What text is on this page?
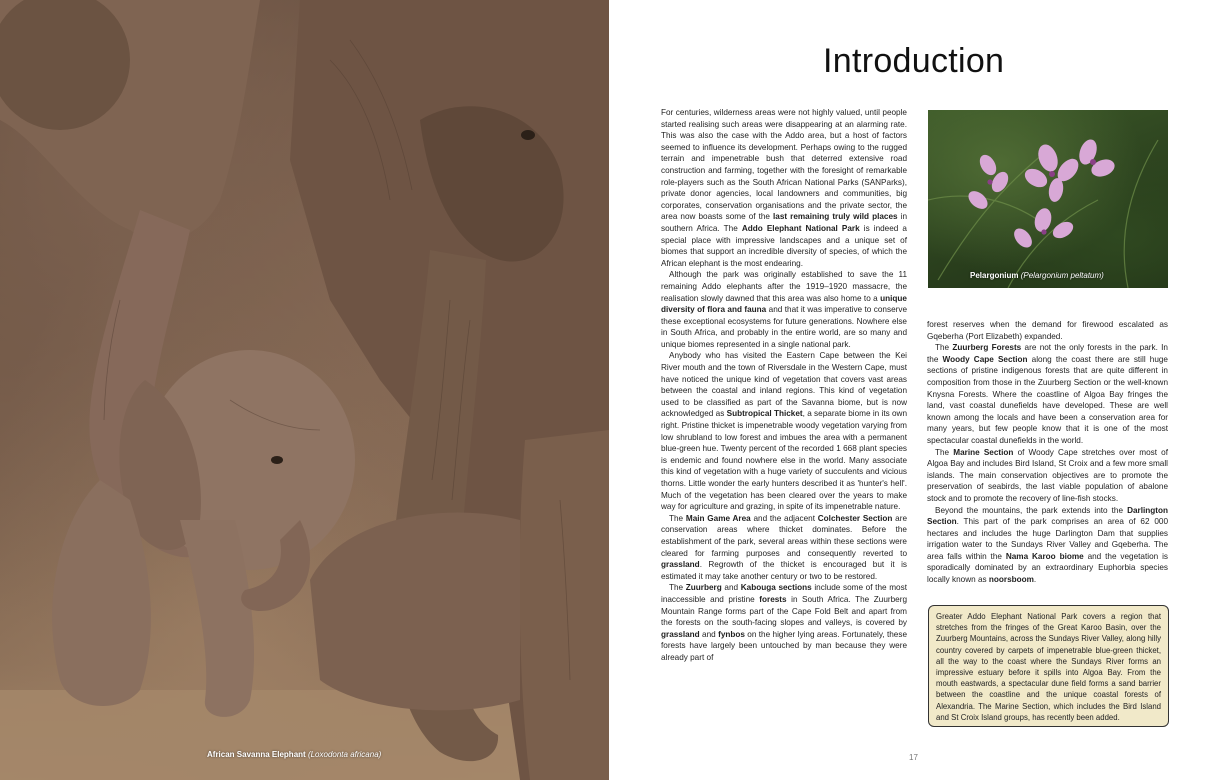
African Savanna Elephant (Loxodonta africana)
Introduction

For centuries, wilderness areas were not highly valued, until people started realising such areas were disappearing at an alarming rate. This was also the case with the Addo area, but a host of factors seemed to influence its development. Perhaps owing to the rugged terrain and impenetrable bush that deterred extensive road construction and farming, together with the foresight of remarkable role-players such as the South African National Parks (SANParks), private donor agencies, local landowners and communities, big corporates, conservation organisations and the private sector, the area now boasts some of the last remaining truly wild places in southern Africa. The Addo Elephant National Park is indeed a special place with impressive landscapes and a unique set of biomes that support an incredible diversity of species, of which the African elephant is the most endearing.

Although the park was originally established to save the 11 remaining Addo elephants after the 1919–1920 massacre, the realisation slowly dawned that this area was also home to a unique diversity of flora and fauna and that it was imperative to conserve these exceptional ecosystems for future generations. Nowhere else in South Africa, and probably in the entire world, are so many and unique biomes represented in a single national park.

Anybody who has visited the Eastern Cape between the Kei River mouth and the town of Riversdale in the Western Cape, must have noticed the unique kind of vegetation that covers vast areas between the coastal and inland regions. This kind of vegetation used to be classified as part of the Savanna biome, but is now acknowledged as Subtropical Thicket, a separate biome in its own right. Pristine thicket is impenetrable woody vegetation varying from low shrubland to low forest and imbues the area with a permanent blue-green hue. Twenty percent of the recorded 1 668 plant species is endemic and found nowhere else in the world. Many associate this kind of vegetation with a huge variety of succulents and vicious thorns. Little wonder the early hunters described it as 'hunter's hell'. Much of the vegetation has been cleared over the years to make way for agriculture and grazing, in spite of its impenetrable nature.

The Main Game Area and the adjacent Colchester Section are conservation areas where thicket dominates. Before the establishment of the park, several areas within these sections were cleared for farming purposes and consequently reverted to grassland. Regrowth of the thicket is encouraged but it is estimated it may take another century or two to be restored.

The Zuurberg and Kabouga sections include some of the most inaccessible and pristine forests in South Africa. The Zuurberg Mountain Range forms part of the Cape Fold Belt and apart from the forests on the south-facing slopes and valleys, is covered by grassland and fynbos on the higher lying areas. Fortunately, these forests have largely been untouched by man because they were already part of

Pelargonium (Pelargonium peltatum)

forest reserves when the demand for firewood escalated as Gqeberha (Port Elizabeth) expanded.

The Zuurberg Forests are not the only forests in the park. In the Woody Cape Section along the coast there are still huge sections of pristine indigenous forests that are quite different in composition from those in the Zuurberg Section or the well-known Knysna Forests. Where the coastline of Algoa Bay fringes the land, vast coastal dunefields have developed. These are well known among the locals and have been a conservation area for many years, but few people know that it is one of the most spectacular coastal dunefields in the world.

The Marine Section of Woody Cape stretches over most of Algoa Bay and includes Bird Island, St Croix and a few more small islands. The main conservation objectives are to promote the preservation of seabirds, the last viable population of abalone stock and to promote the recovery of line-fish stocks.

Beyond the mountains, the park extends into the Darlington Section. This part of the park comprises an area of 62 000 hectares and includes the huge Darlington Dam that supplies irrigation water to the Sundays River Valley and Gqeberha. The area falls within the Nama Karoo biome and the vegetation is sporadically dominated by an extraordinary Euphorbia species locally known as noorsboom.

Greater Addo Elephant National Park covers a region that stretches from the fringes of the Great Karoo Basin, over the Zuurberg Mountains, across the Sundays River Valley, along hilly country covered by carpets of impenetrable blue-green thicket, all the way to the coast where the Sundays River forms an impressive estuary before it spills into Algoa Bay. From the mouth eastwards, a spectacular dune field forms a sand barrier between the coastline and the unique coastal forests of Alexandria. The Marine Section, which includes the Bird Island and St Croix Island groups, has recently been added.
17
